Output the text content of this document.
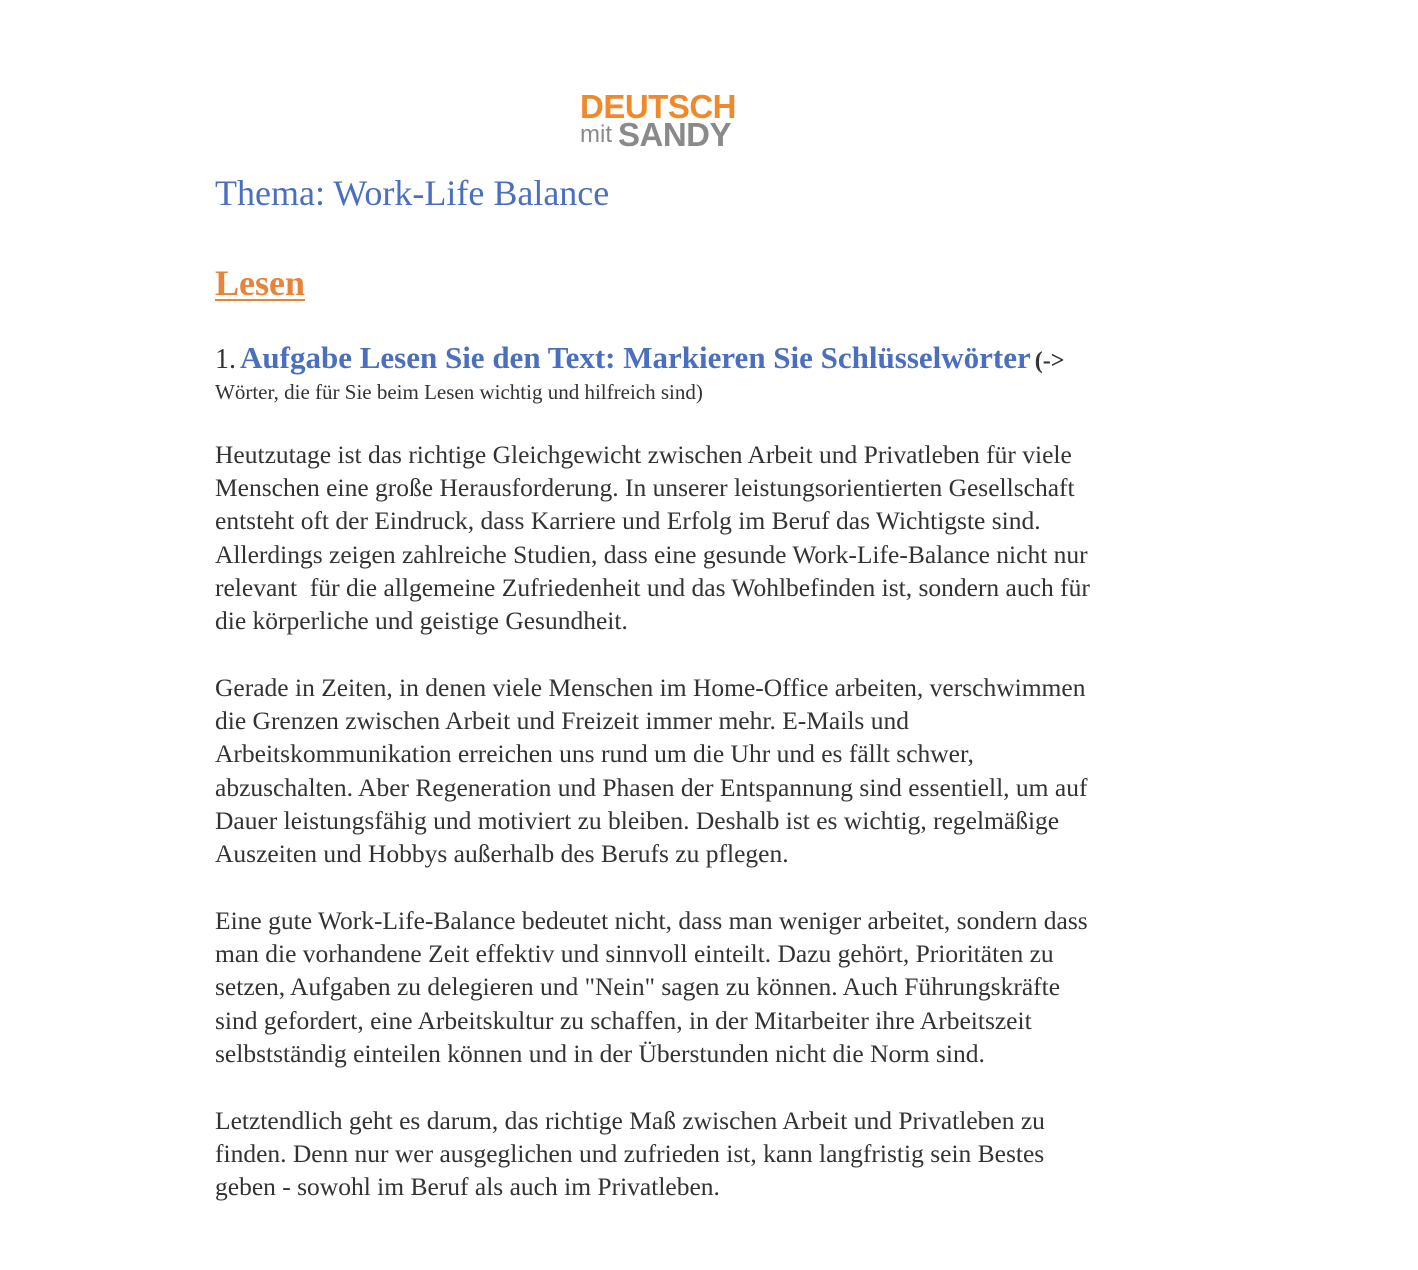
DEUTSCH
mit SANDY
Thema: Work-Life Balance
Lesen
1. Aufgabe Lesen Sie den Text: Markieren Sie Schlüsselwörter (->
Wörter, die für Sie beim Lesen wichtig und hilfreich sind)

Heutzutage ist das richtige Gleichgewicht zwischen Arbeit und Privatleben für viele
Menschen eine große Herausforderung. In unserer leistungsorientierten Gesellschaft
entsteht oft der Eindruck, dass Karriere und Erfolg im Beruf das Wichtigste sind.
Allerdings zeigen zahlreiche Studien, dass eine gesunde Work-Life-Balance nicht nur
relevant  für die allgemeine Zufriedenheit und das Wohlbefinden ist, sondern auch für
die körperliche und geistige Gesundheit.

Gerade in Zeiten, in denen viele Menschen im Home-Office arbeiten, verschwimmen
die Grenzen zwischen Arbeit und Freizeit immer mehr. E-Mails und
Arbeitskommunikation erreichen uns rund um die Uhr und es fällt schwer,
abzuschalten. Aber Regeneration und Phasen der Entspannung sind essentiell, um auf
Dauer leistungsfähig und motiviert zu bleiben. Deshalb ist es wichtig, regelmäßige
Auszeiten und Hobbys außerhalb des Berufs zu pflegen.

Eine gute Work-Life-Balance bedeutet nicht, dass man weniger arbeitet, sondern dass
man die vorhandene Zeit effektiv und sinnvoll einteilt. Dazu gehört, Prioritäten zu
setzen, Aufgaben zu delegieren und "Nein" sagen zu können. Auch Führungskräfte
sind gefordert, eine Arbeitskultur zu schaffen, in der Mitarbeiter ihre Arbeitszeit
selbstständig einteilen können und in der Überstunden nicht die Norm sind.

Letztendlich geht es darum, das richtige Maß zwischen Arbeit und Privatleben zu
finden. Denn nur wer ausgeglichen und zufrieden ist, kann langfristig sein Bestes
geben - sowohl im Beruf als auch im Privatleben.
